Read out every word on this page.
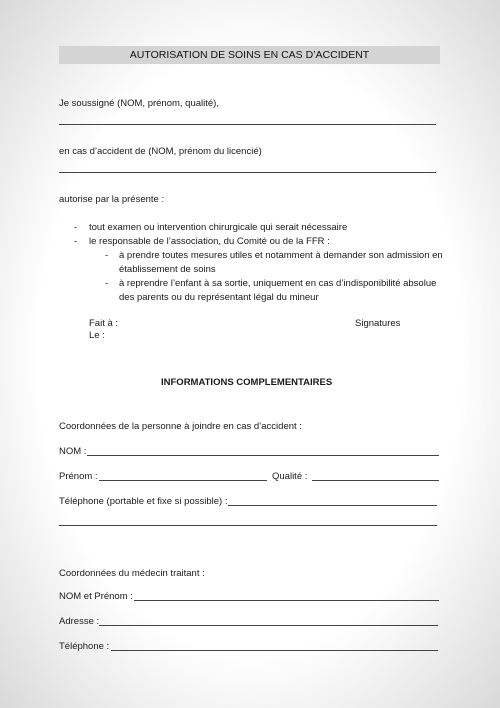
AUTORISATION DE SOINS EN CAS D’ACCIDENT
Je soussigné (NOM, prénom, qualité),
en cas d’accident de (NOM, prénom du licencié)
autorise par la présente :
- tout examen ou intervention chirurgicale qui serait nécessaire
- le responsable de l’association, du Comité ou de la FFR :
- à prendre toutes mesures utiles et notamment à demander son admission en
établissement de soins
- à reprendre l’enfant à sa sortie, uniquement en cas d’indisponibilité absolue
des parents ou du représentant légal du mineur
Fait à :
Le :
Signatures
INFORMATIONS COMPLEMENTAIRES
Coordonnées de la personne à joindre en cas d’accident :
NOM :
Prénom :	Qualité :
Téléphone (portable et fixe si possible) :
Coordonnées du médecin traitant :
NOM et Prénom :
Adresse :
Téléphone :
